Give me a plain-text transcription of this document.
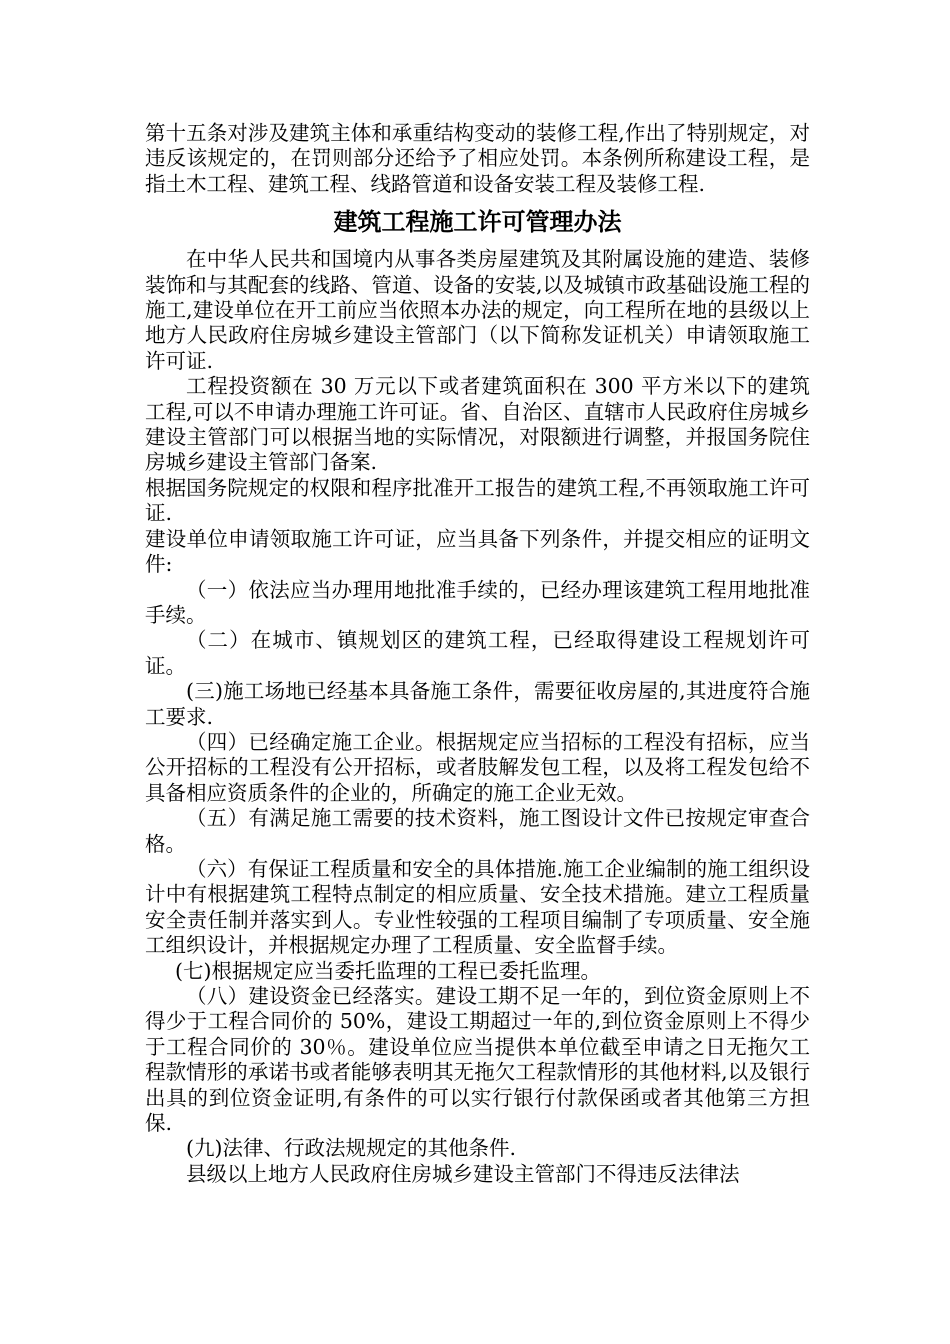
第十五条对涉及建筑主体和承重结构变动的装修工程,作出了特别规定，对违反该规定的，在罚则部分还给予了相应处罚。本条例所称建设工程，是指土木工程、建筑工程、线路管道和设备安装工程及装修工程.

建筑工程施工许可管理办法

在中华人民共和国境内从事各类房屋建筑及其附属设施的建造、装修装饰和与其配套的线路、管道、设备的安装,以及城镇市政基础设施工程的施工,建设单位在开工前应当依照本办法的规定，向工程所在地的县级以上地方人民政府住房城乡建设主管部门（以下简称发证机关）申请领取施工许可证.

工程投资额在 30 万元以下或者建筑面积在 300 平方米以下的建筑工程,可以不申请办理施工许可证。省、自治区、直辖市人民政府住房城乡建设主管部门可以根据当地的实际情况，对限额进行调整，并报国务院住房城乡建设主管部门备案.

根据国务院规定的权限和程序批准开工报告的建筑工程,不再领取施工许可证.

建设单位申请领取施工许可证，应当具备下列条件，并提交相应的证明文件:

（一）依法应当办理用地批准手续的，已经办理该建筑工程用地批准手续。

（二）在城市、镇规划区的建筑工程，已经取得建设工程规划许可证。

(三)施工场地已经基本具备施工条件，需要征收房屋的,其进度符合施工要求.

（四）已经确定施工企业。根据规定应当招标的工程没有招标，应当公开招标的工程没有公开招标，或者肢解发包工程，以及将工程发包给不具备相应资质条件的企业的，所确定的施工企业无效。

（五）有满足施工需要的技术资料，施工图设计文件已按规定审查合格。

（六）有保证工程质量和安全的具体措施.施工企业编制的施工组织设计中有根据建筑工程特点制定的相应质量、安全技术措施。建立工程质量安全责任制并落实到人。专业性较强的工程项目编制了专项质量、安全施工组织设计，并根据规定办理了工程质量、安全监督手续。

(七)根据规定应当委托监理的工程已委托监理。

（八）建设资金已经落实。建设工期不足一年的，到位资金原则上不得少于工程合同价的 50%，建设工期超过一年的,到位资金原则上不得少于工程合同价的 30％。建设单位应当提供本单位截至申请之日无拖欠工程款情形的承诺书或者能够表明其无拖欠工程款情形的其他材料,以及银行出具的到位资金证明,有条件的可以实行银行付款保函或者其他第三方担保.

(九)法律、行政法规规定的其他条件.

县级以上地方人民政府住房城乡建设主管部门不得违反法律法
